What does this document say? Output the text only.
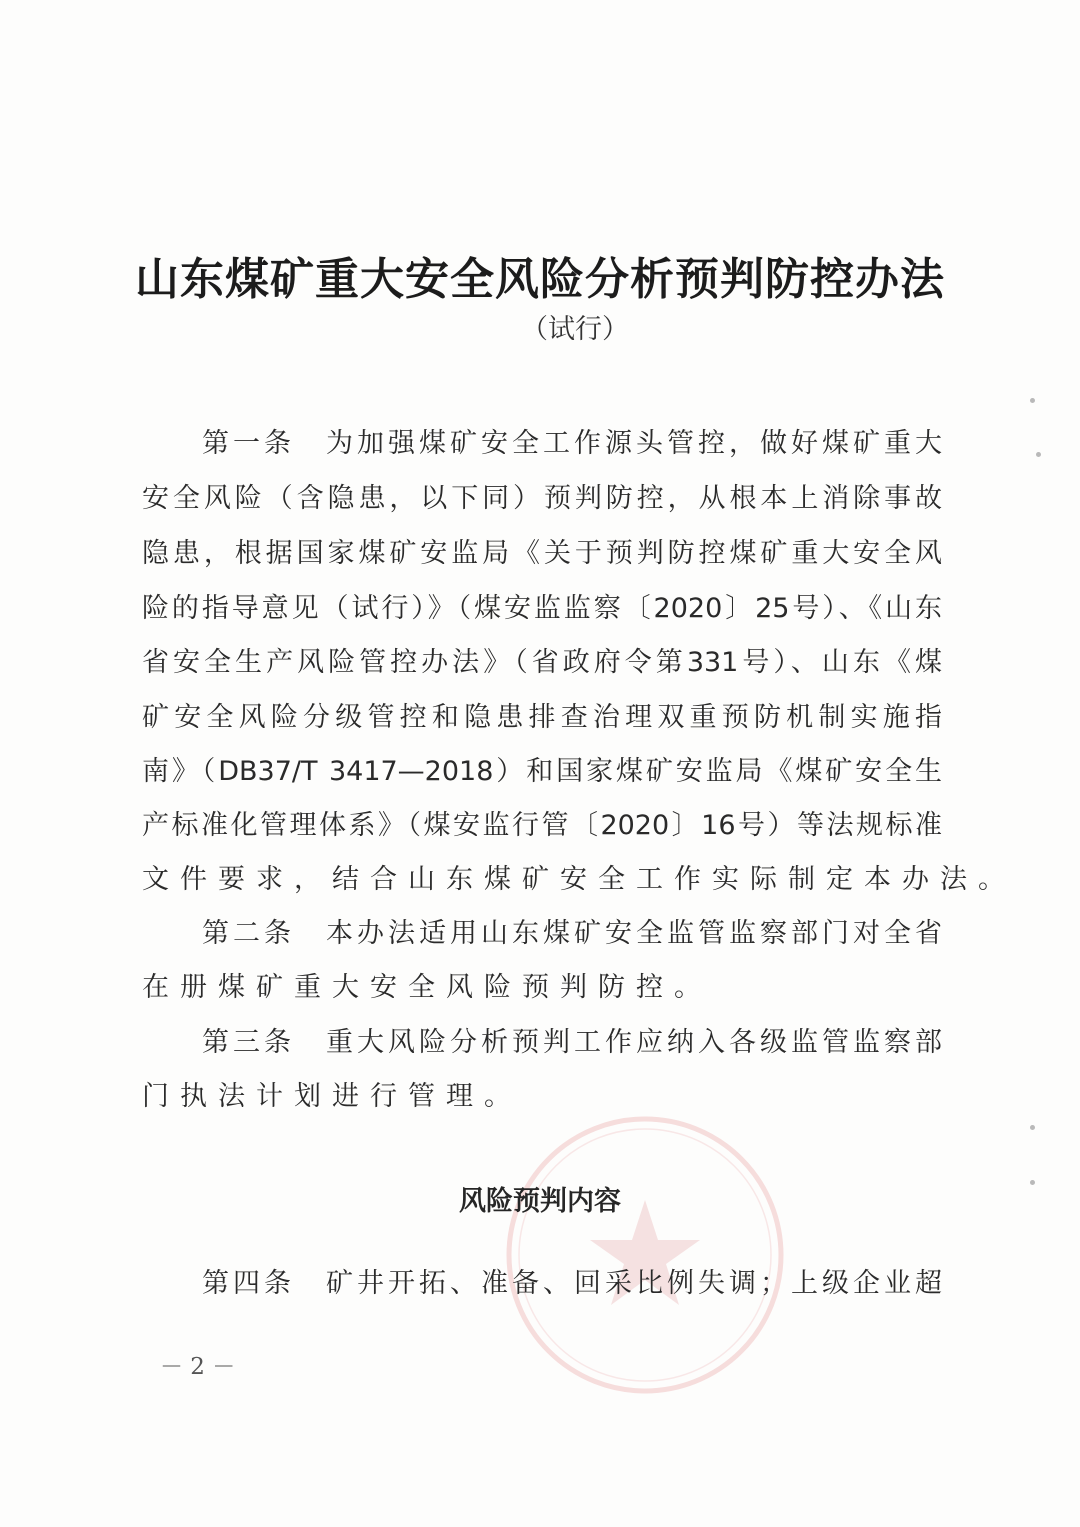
山东煤矿重大安全风险分析预判防控办法
（试行）
第一条　为加强煤矿安全工作源头管控，做好煤矿重大
安全风险（含隐患，以下同）预判防控，从根本上消除事故
隐患，根据国家煤矿安监局《关于预判防控煤矿重大安全风
险的指导意见（试行）》（煤安监监察〔2020〕25号）、《山东
省安全生产风险管控办法》（省政府令第331号）、山东《煤
矿安全风险分级管控和隐患排查治理双重预防机制实施指
南》（DB37/T 3417—2018）和国家煤矿安监局《煤矿安全生
产标准化管理体系》（煤安监行管〔2020〕16号）等法规标准
文件要求，结合山东煤矿安全工作实际制定本办法。
第二条　本办法适用山东煤矿安全监管监察部门对全省
在册煤矿重大安全风险预判防控。
第三条　重大风险分析预判工作应纳入各级监管监察部
门执法计划进行管理。
风险预判内容
第四条　矿井开拓、准备、回采比例失调；上级企业超
－ 2 －
